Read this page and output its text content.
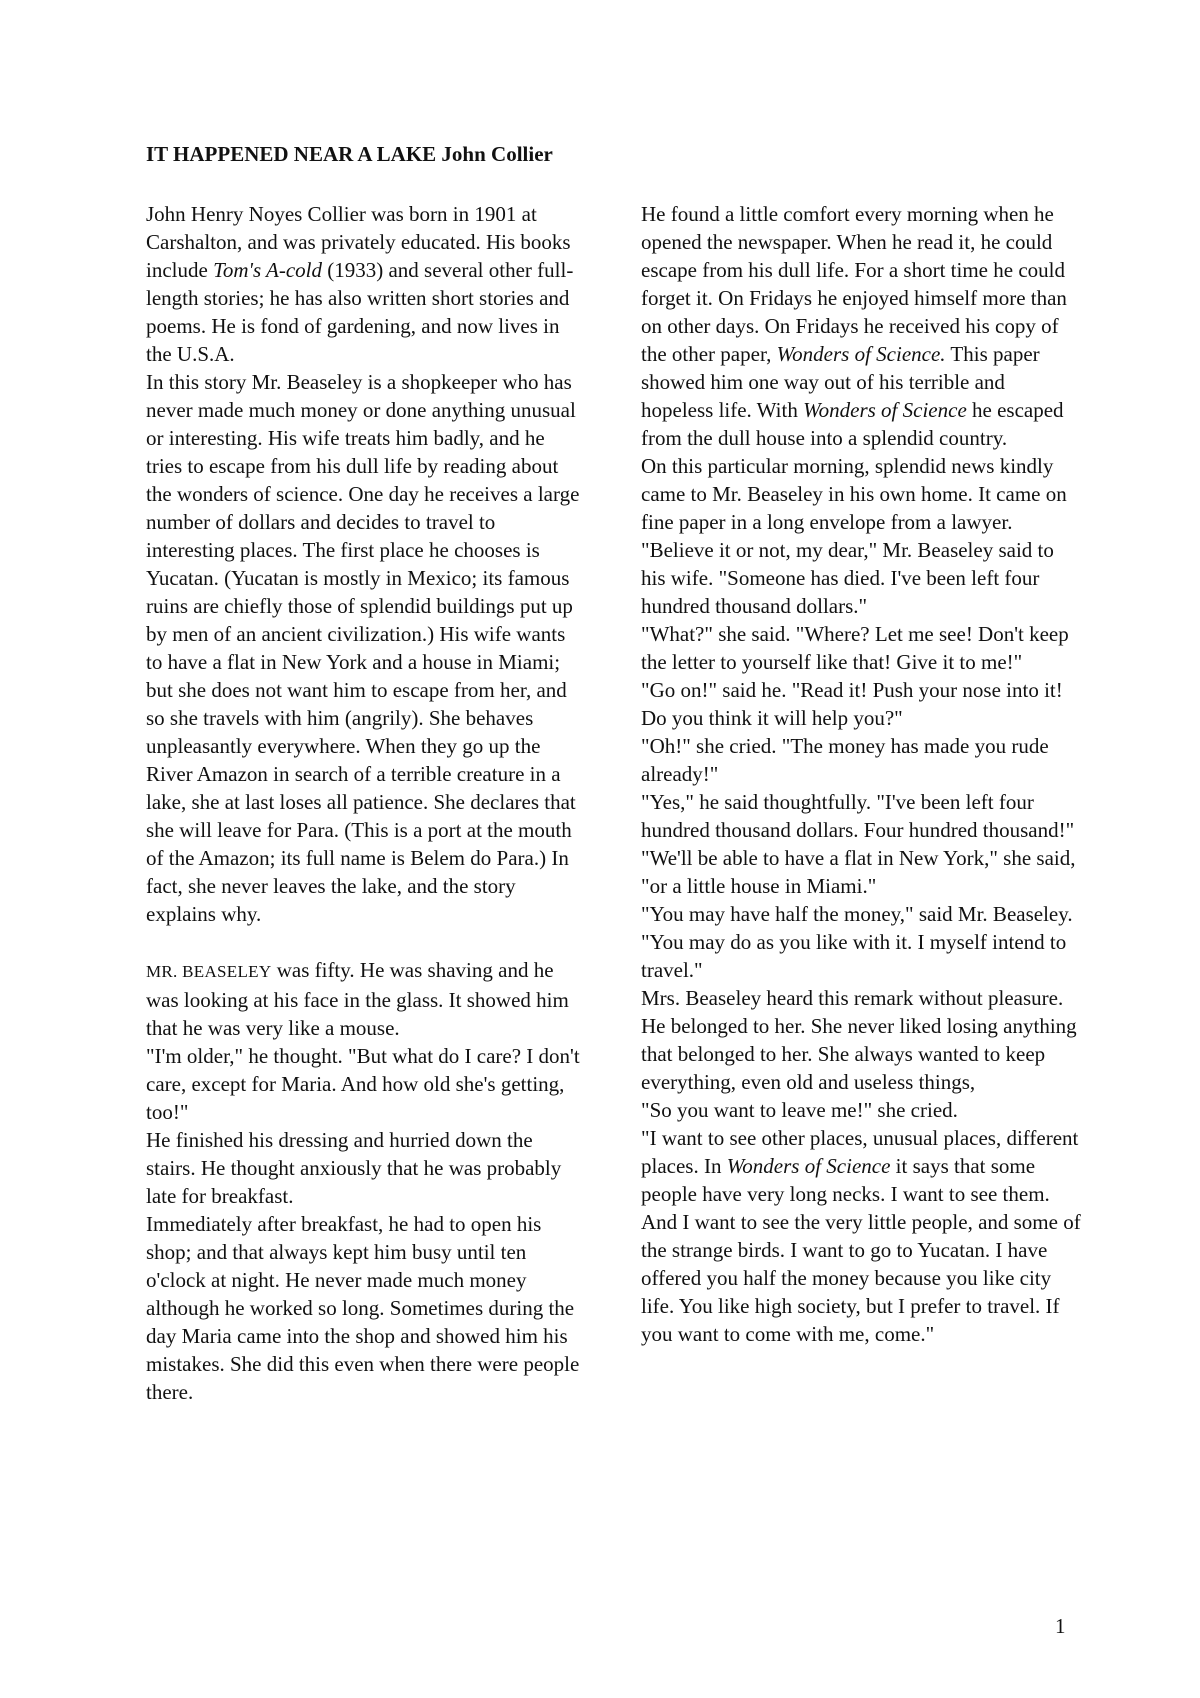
IT HAPPENED NEAR A LAKE John Collier

John Henry Noyes Collier was born in 1901 at Carshalton, and was privately educated. His books include Tom's A-cold (1933) and several other full-length stories; he has also written short stories and poems. He is fond of gardening, and now lives in the U.S.A.

In this story Mr. Beaseley is a shopkeeper who has never made much money or done anything unusual or interesting. His wife treats him badly, and he tries to escape from his dull life by reading about the wonders of science. One day he receives a large number of dollars and decides to travel to interesting places. The first place he chooses is Yucatan. (Yucatan is mostly in Mexico; its famous ruins are chiefly those of splendid buildings put up by men of an ancient civilization.) His wife wants to have a flat in New York and a house in Miami; but she does not want him to escape from her, and so she travels with him (angrily). She behaves unpleasantly everywhere. When they go up the River Amazon in search of a terrible creature in a lake, she at last loses all patience. She declares that she will leave for Para. (This is a port at the mouth of the Amazon; its full name is Belem do Para.) In fact, she never leaves the lake, and the story explains why.

MR. BEASELEY was fifty. He was shaving and he was looking at his face in the glass. It showed him that he was very like a mouse.

"I'm older," he thought. "But what do I care? I don't care, except for Maria. And how old she's getting, too!"

He finished his dressing and hurried down the stairs. He thought anxiously that he was probably late for breakfast.

Immediately after breakfast, he had to open his shop; and that always kept him busy until ten o'clock at night. He never made much money although he worked so long. Sometimes during the day Maria came into the shop and showed him his mistakes. She did this even when there were people there.

He found a little comfort every morning when he opened the newspaper. When he read it, he could escape from his dull life. For a short time he could forget it. On Fridays he enjoyed himself more than on other days. On Fridays he received his copy of the other paper, Wonders of Science. This paper showed him one way out of his terrible and hopeless life. With Wonders of Science he escaped from the dull house into a splendid country.

On this particular morning, splendid news kindly came to Mr. Beaseley in his own home. It came on fine paper in a long envelope from a lawyer.

"Believe it or not, my dear," Mr. Beaseley said to his wife. "Someone has died. I've been left four hundred thousand dollars."

"What?" she said. "Where? Let me see! Don't keep the letter to yourself like that! Give it to me!"

"Go on!" said he. "Read it! Push your nose into it! Do you think it will help you?"

"Oh!" she cried. "The money has made you rude already!"

"Yes," he said thoughtfully. "I've been left four hundred thousand dollars. Four hundred thousand!"

"We'll be able to have a flat in New York," she said, "or a little house in Miami."

"You may have half the money," said Mr. Beaseley. "You may do as you like with it. I myself intend to travel."

Mrs. Beaseley heard this remark without pleasure. He belonged to her. She never liked losing anything that belonged to her. She always wanted to keep everything, even old and useless things,

"So you want to leave me!" she cried.

"I want to see other places, unusual places, different places. In Wonders of Science it says that some people have very long necks. I want to see them. And I want to see the very little people, and some of the strange birds. I want to go to Yucatan. I have offered you half the money because you like city life. You like high society, but I prefer to travel. If you want to come with me, come."

1
